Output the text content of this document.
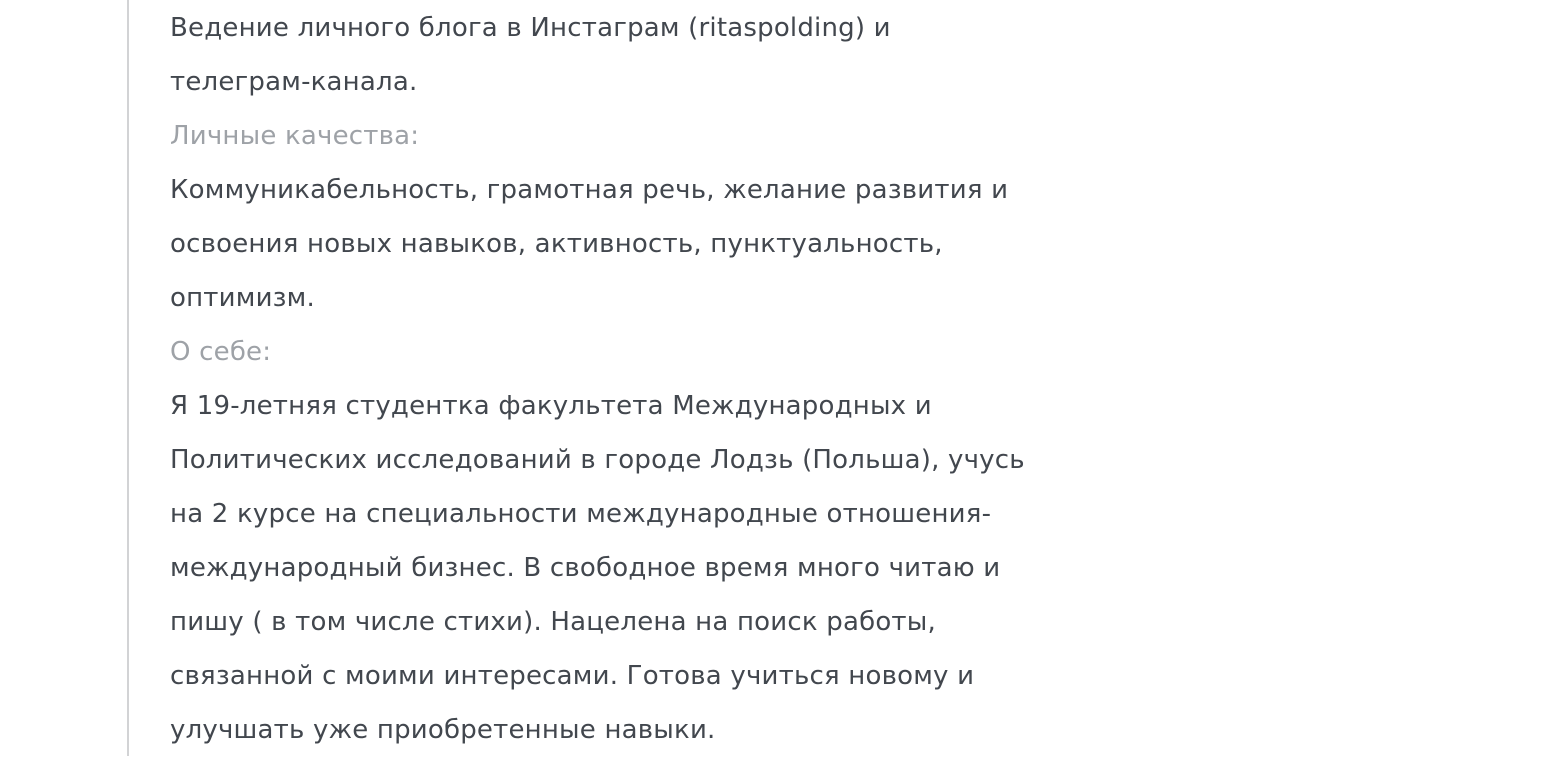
Ведение личного блога в Инстаграм (ritaspolding) и
телеграм-канала.
Личные качества:
Коммуникабельность, грамотная речь, желание развития и
освоения новых навыков, активность, пунктуальность,
оптимизм.
О себе:
Я 19-летняя студентка факультета Международных и
Политических исследований в городе Лодзь (Польша), учусь
на 2 курсе на специальности международные отношения-
международный бизнес. В свободное время много читаю и
пишу ( в том числе стихи). Нацелена на поиск работы,
связанной с моими интересами. Готова учиться новому и
улучшать уже приобретенные навыки.
